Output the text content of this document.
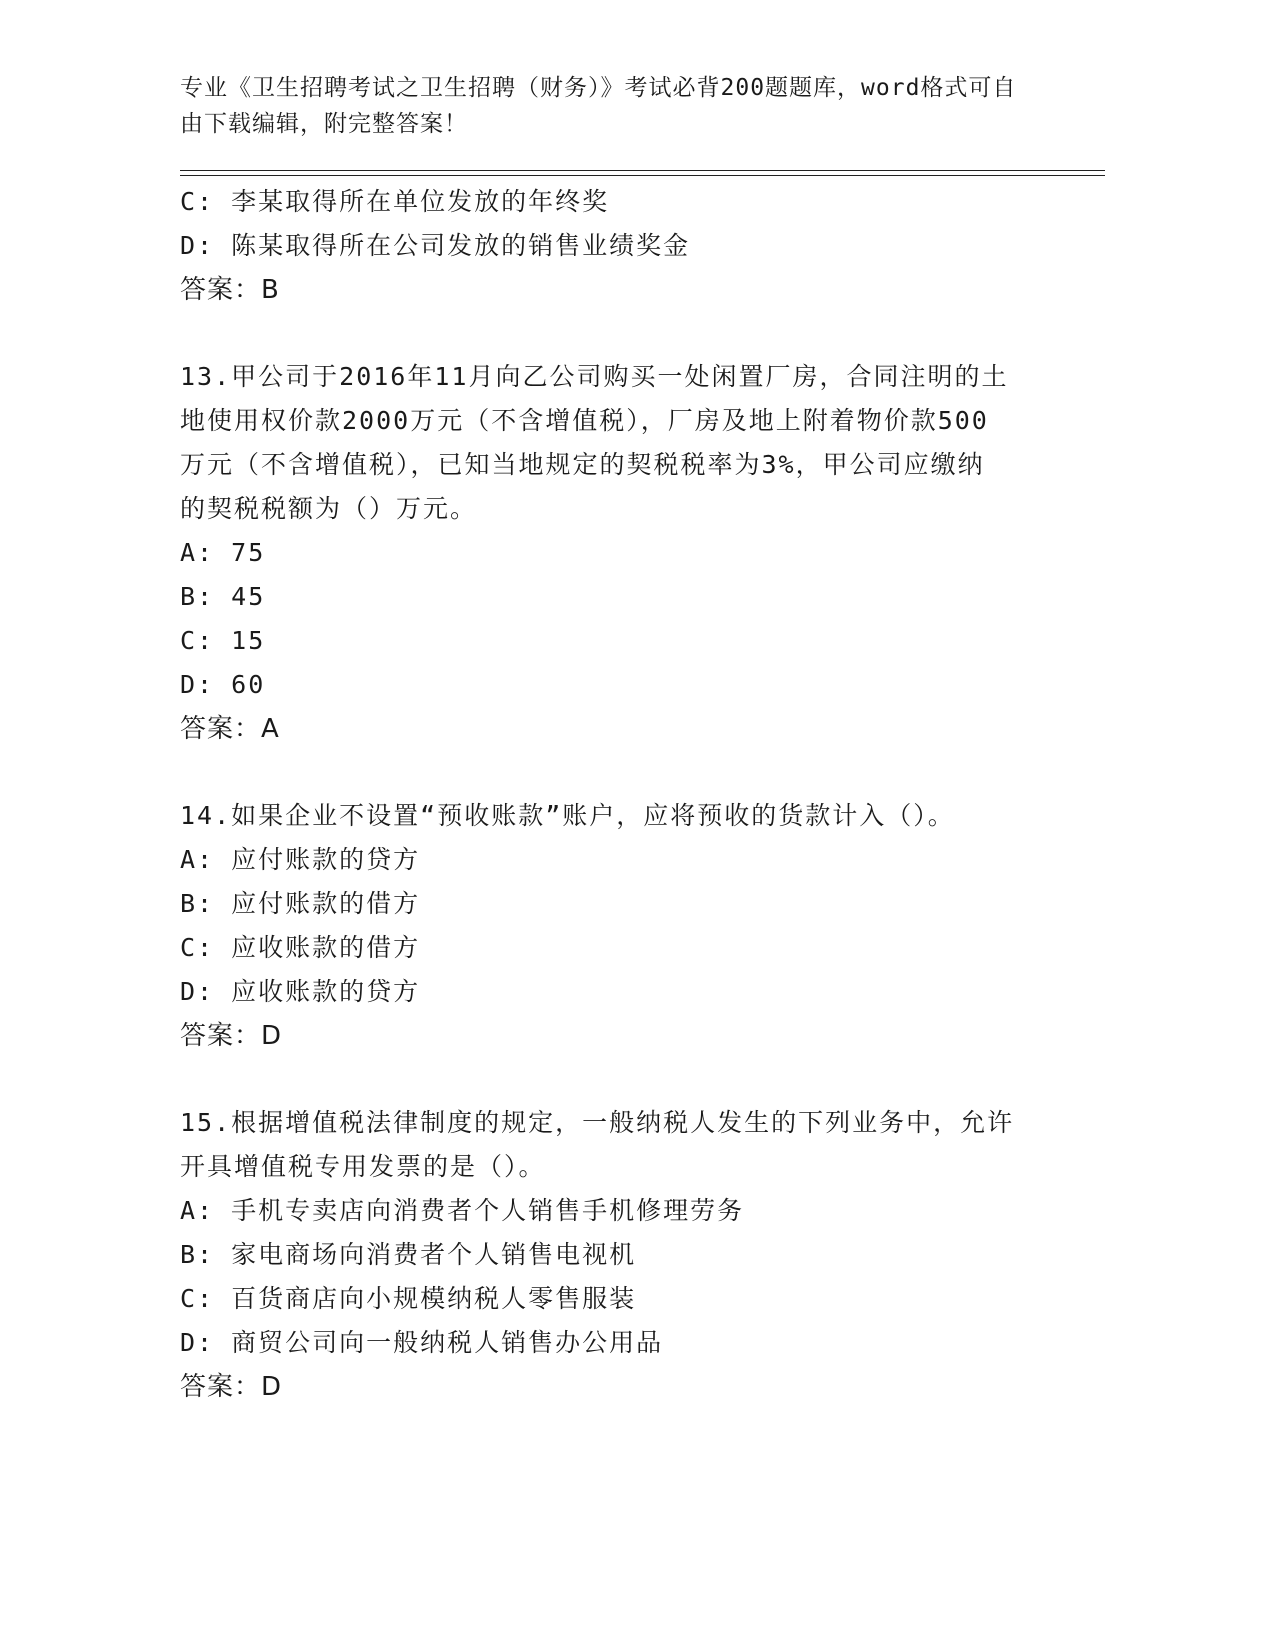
专业《卫生招聘考试之卫生招聘（财务）》考试必背200题题库，word格式可自
由下载编辑，附完整答案！
C: 李某取得所在单位发放的年终奖
D: 陈某取得所在公司发放的销售业绩奖金
答案：B
13.甲公司于2016年11月向乙公司购买一处闲置厂房，合同注明的土
地使用权价款2000万元（不含增值税），厂房及地上附着物价款500
万元（不含增值税），已知当地规定的契税税率为3%，甲公司应缴纳
的契税税额为（）万元。
A: 75
B: 45
C: 15
D: 60
答案：A
14.如果企业不设置“预收账款”账户，应将预收的货款计入（）。
A: 应付账款的贷方
B: 应付账款的借方
C: 应收账款的借方
D: 应收账款的贷方
答案：D
15.根据增值税法律制度的规定，一般纳税人发生的下列业务中，允许
开具增值税专用发票的是（）。
A: 手机专卖店向消费者个人销售手机修理劳务
B: 家电商场向消费者个人销售电视机
C: 百货商店向小规模纳税人零售服装
D: 商贸公司向一般纳税人销售办公用品
答案：D
